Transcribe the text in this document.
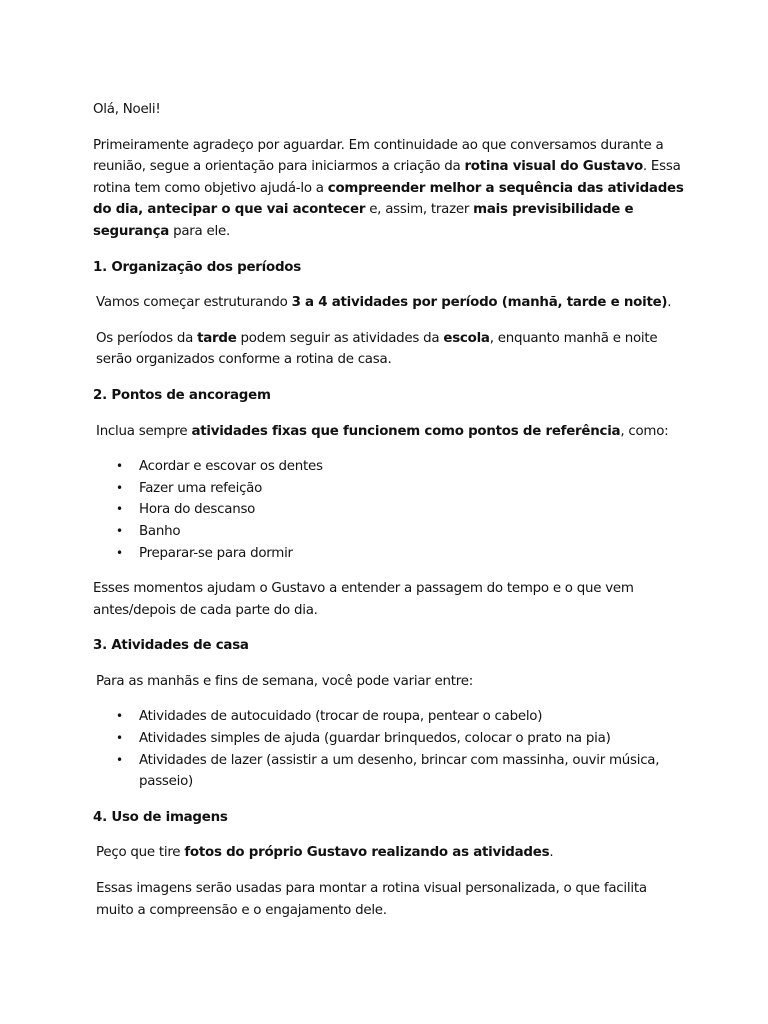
Olá, Noeli!

Primeiramente agradeço por aguardar. Em continuidade ao que conversamos durante a reunião, segue a orientação para iniciarmos a criação da rotina visual do Gustavo. Essa rotina tem como objetivo ajudá-lo a compreender melhor a sequência das atividades do dia, antecipar o que vai acontecer e, assim, trazer mais previsibilidade e segurança para ele.

1. Organização dos períodos

Vamos começar estruturando 3 a 4 atividades por período (manhã, tarde e noite).

Os períodos da tarde podem seguir as atividades da escola, enquanto manhã e noite serão organizados conforme a rotina de casa.

2. Pontos de ancoragem

Inclua sempre atividades fixas que funcionem como pontos de referência, como:

• Acordar e escovar os dentes
• Fazer uma refeição
• Hora do descanso
• Banho
• Preparar-se para dormir

Esses momentos ajudam o Gustavo a entender a passagem do tempo e o que vem antes/depois de cada parte do dia.

3. Atividades de casa

Para as manhãs e fins de semana, você pode variar entre:

• Atividades de autocuidado (trocar de roupa, pentear o cabelo)
• Atividades simples de ajuda (guardar brinquedos, colocar o prato na pia)
• Atividades de lazer (assistir a um desenho, brincar com massinha, ouvir música, passeio)
4. Uso de imagens

Peço que tire fotos do próprio Gustavo realizando as atividades.

Essas imagens serão usadas para montar a rotina visual personalizada, o que facilita muito a compreensão e o engajamento dele.
